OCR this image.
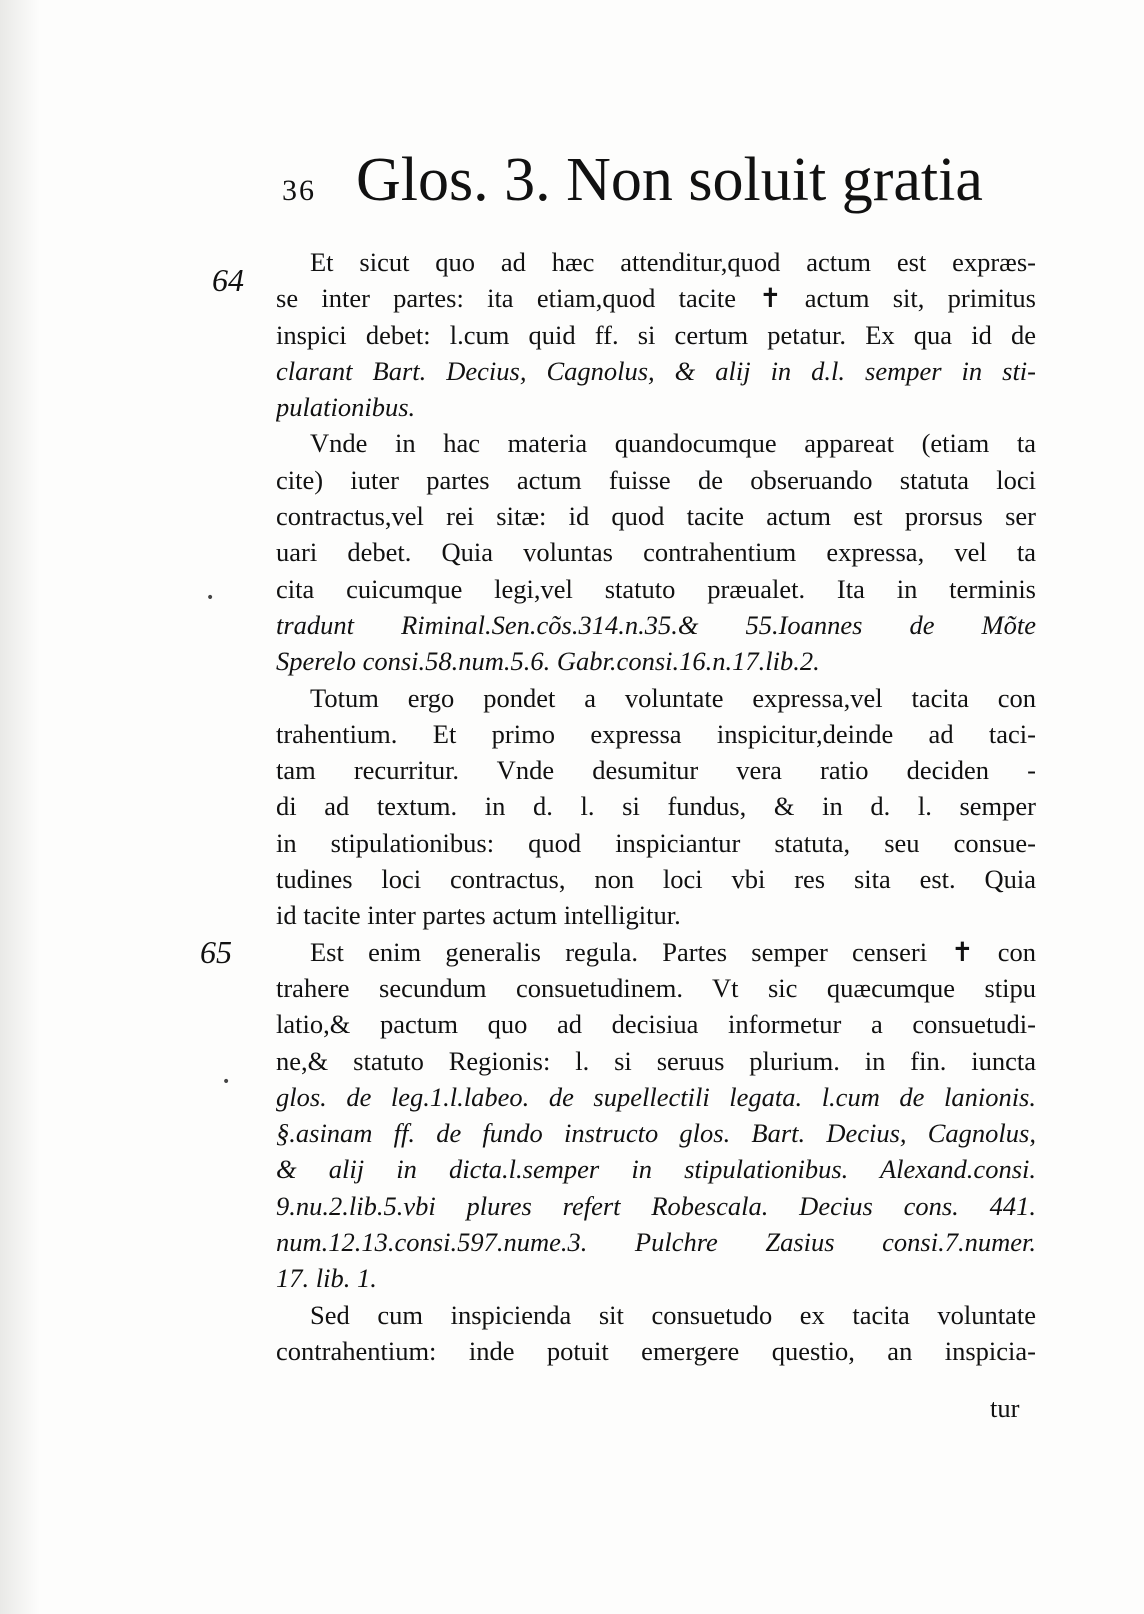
36 Glos. 3. Non soluit gratia
64
65
•
•
Et sicut quo ad hæc attenditur,quod actum est expræs-
se inter partes: ita etiam,quod tacite ✝ actum sit, primitus
inspici debet: l.cum quid ff. si certum petatur. Ex qua id de
clarant Bart. Decius, Cagnolus, & alij in d.l. semper in sti-
pulationibus.
Vnde in hac materia quandocumque appareat (etiam ta
cite) iuter partes actum fuisse de obseruando statuta loci
contractus,vel rei sitæ: id quod tacite actum est prorsus ser
uari debet. Quia voluntas contrahentium expressa, vel ta
cita cuicumque legi,vel statuto præualet. Ita in terminis
tradunt Riminal.Sen.cõs.314.n.35.& 55.Ioannes de Mõte
Sperelo consi.58.num.5.6. Gabr.consi.16.n.17.lib.2.
Totum ergo pondet a voluntate expressa,vel tacita con
trahentium. Et primo expressa inspicitur,deinde ad taci-
tam recurritur. Vnde desumitur vera ratio deciden -
di ad textum. in d. l. si fundus, & in d. l. semper
in stipulationibus: quod inspiciantur statuta, seu consue-
tudines loci contractus, non loci vbi res sita est. Quia
id tacite inter partes actum intelligitur.
Est enim generalis regula. Partes semper censeri ✝ con
trahere secundum consuetudinem. Vt sic quæcumque stipu
latio,& pactum quo ad decisiua informetur a consuetudi-
ne,& statuto Regionis: l. si seruus plurium. in fin. iuncta
glos. de leg.1.l.labeo. de supellectili legata. l.cum de lanionis.
§.asinam ff. de fundo instructo glos. Bart. Decius, Cagnolus,
& alij in dicta.l.semper in stipulationibus. Alexand.consi.
9.nu.2.lib.5.vbi plures refert Robescala. Decius cons. 441.
num.12.13.consi.597.nume.3. Pulchre Zasius consi.7.numer.
17. lib. 1.
Sed cum inspicienda sit consuetudo ex tacita voluntate
contrahentium: inde potuit emergere questio, an inspicia-
tur
